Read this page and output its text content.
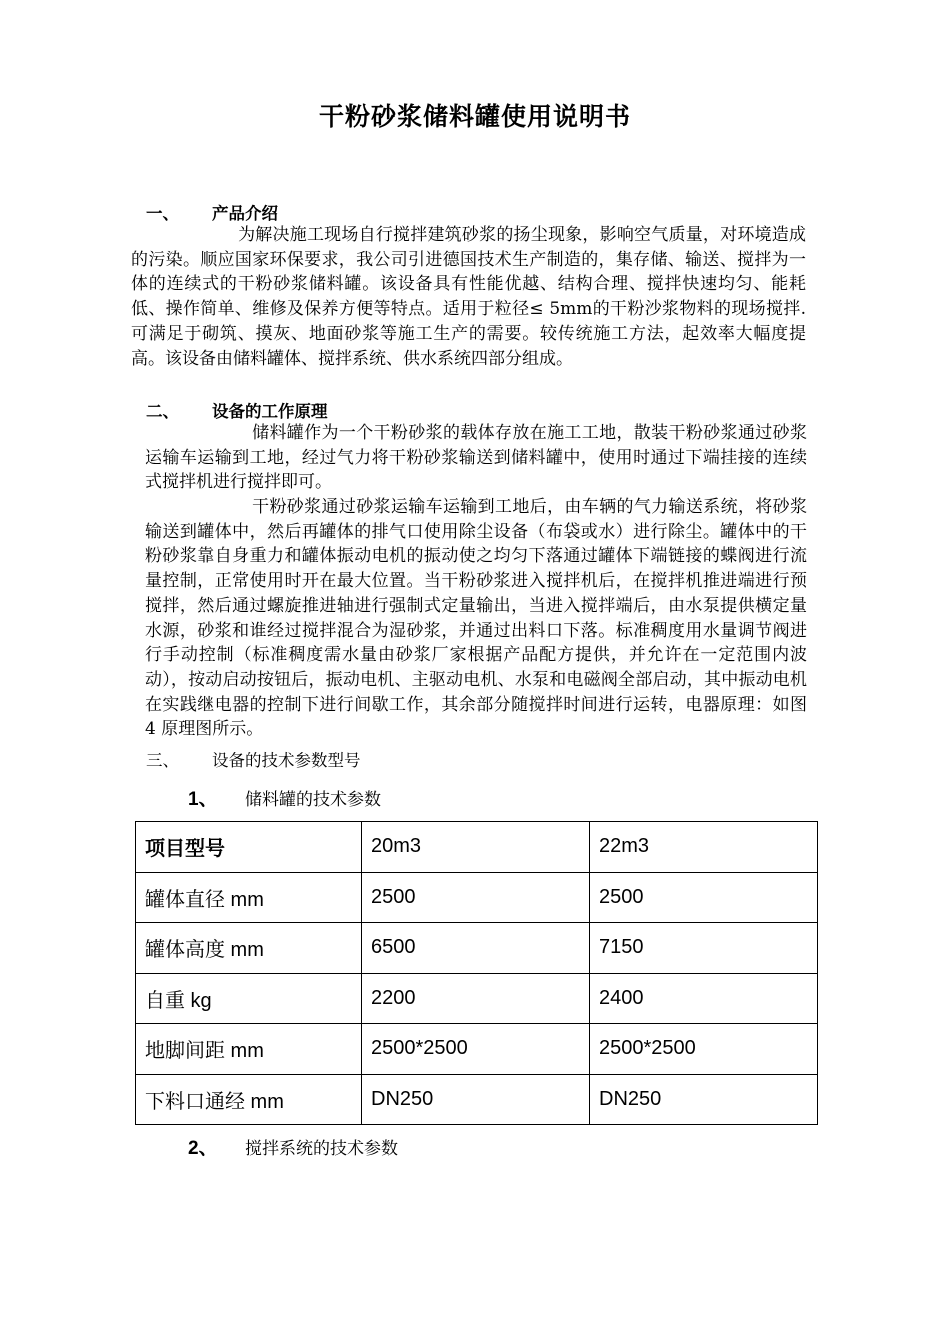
干粉砂浆储料罐使用说明书
一、 产品介绍
为解决施工现场自行搅拌建筑砂浆的扬尘现象，影响空气质量，对环境造成的污染。顺应国家环保要求，我公司引进德国技术生产制造的，集存储、输送、搅拌为一体的连续式的干粉砂浆储料罐。该设备具有性能优越、结构合理、搅拌快速均匀、能耗低、操作简单、维修及保养方便等特点。适用于粒径≤ 5mm的干粉沙浆物料的现场搅拌.可满足于砌筑、摸灰、地面砂浆等施工生产的需要。较传统施工方法，起效率大幅度提高。该设备由储料罐体、搅拌系统、供水系统四部分组成。
二、 设备的工作原理
储料罐作为一个干粉砂浆的载体存放在施工工地，散装干粉砂浆通过砂浆运输车运输到工地，经过气力将干粉砂浆输送到储料罐中，使用时通过下端挂接的连续式搅拌机进行搅拌即可。
干粉砂浆通过砂浆运输车运输到工地后，由车辆的气力输送系统，将砂浆输送到罐体中，然后再罐体的排气口使用除尘设备（布袋或水）进行除尘。罐体中的干粉砂浆靠自身重力和罐体振动电机的振动使之均匀下落通过罐体下端链接的蝶阀进行流量控制，正常使用时开在最大位置。当干粉砂浆进入搅拌机后，在搅拌机推进端进行预搅拌，然后通过螺旋推进轴进行强制式定量输出，当进入搅拌端后，由水泵提供横定量水源，砂浆和谁经过搅拌混合为湿砂浆，并通过出料口下落。标准稠度用水量调节阀进行手动控制（标准稠度需水量由砂浆厂家根据产品配方提供，并允许在一定范围内波动），按动启动按钮后，振动电机、主驱动电机、水泵和电磁阀全部启动，其中振动电机在实践继电器的控制下进行间歇工作，其余部分随搅拌时间进行运转，电器原理：如图 4 原理图所示。
三、 设备的技术参数型号
1、 储料罐的技术参数
项目型号	20m3	22m3
罐体直径 mm	2500	2500
罐体高度 mm	6500	7150
自重 kg	2200	2400
地脚间距 mm	2500*2500	2500*2500
下料口通经 mm	DN250	DN250
2、 搅拌系统的技术参数
